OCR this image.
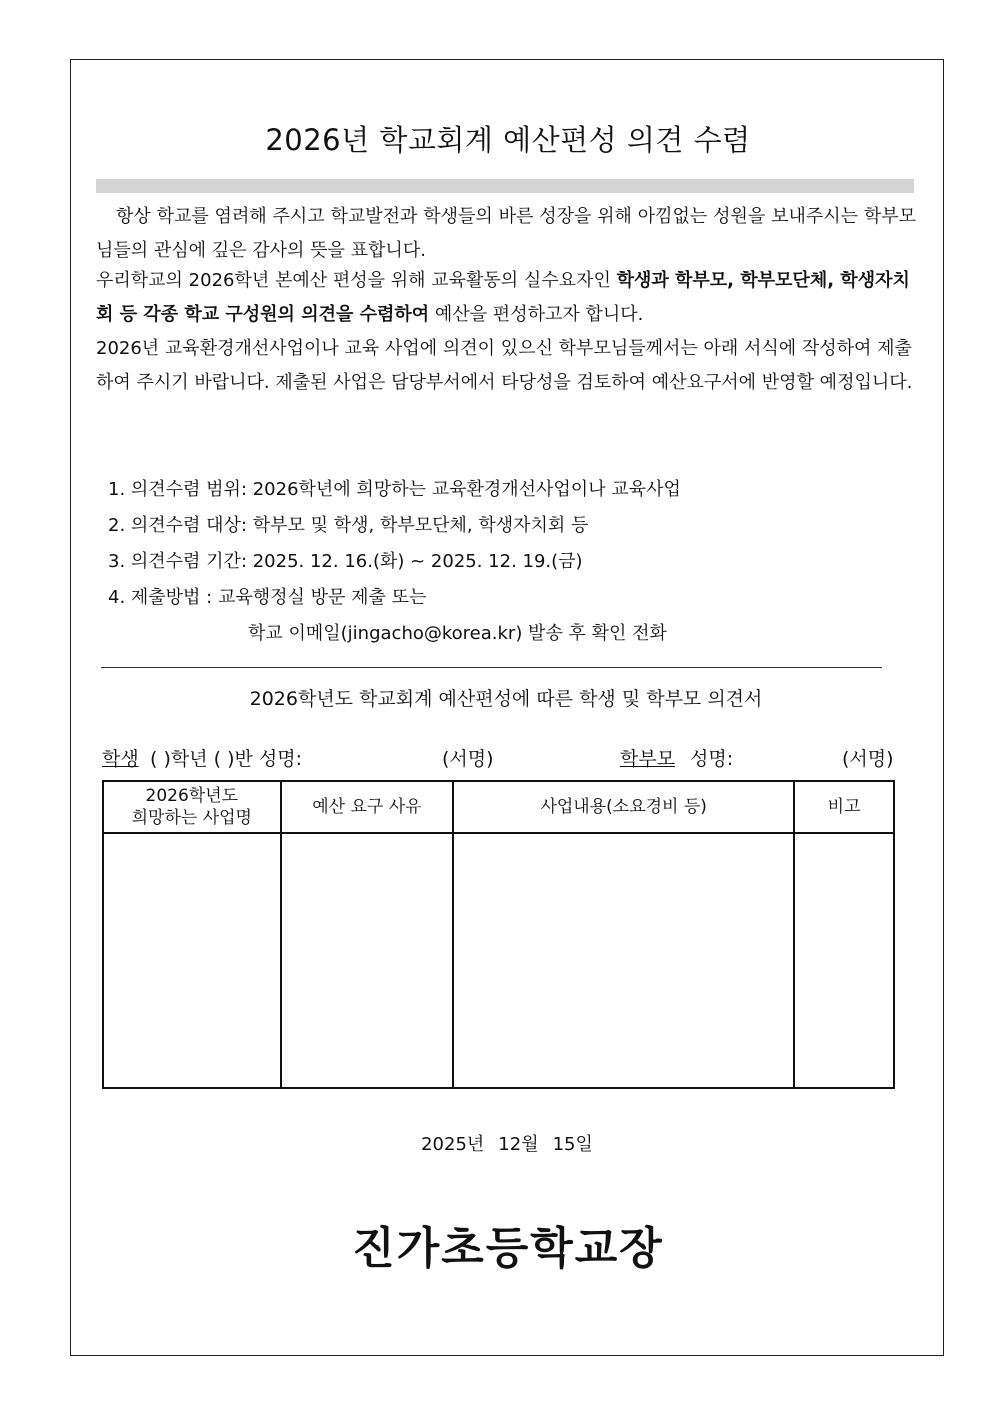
2026년 학교회계 예산편성 의견 수렴
항상 학교를 염려해 주시고 학교발전과 학생들의 바른 성장을 위해 아낌없는 성원을 보내주시는 학부모님들의 관심에 깊은 감사의 뜻을 표합니다.
우리학교의 2026학년 본예산 편성을 위해 교육활동의 실수요자인 학생과 학부모, 학부모단체, 학생자치회 등 각종 학교 구성원의 의견을 수렴하여 예산을 편성하고자 합니다.
2026년 교육환경개선사업이나 교육 사업에 의견이 있으신 학부모님들께서는 아래 서식에 작성하여 제출하여 주시기 바랍니다. 제출된 사업은 담당부서에서 타당성을 검토하여 예산요구서에 반영할 예정입니다.
1. 의견수렴 범위: 2026학년에 희망하는 교육환경개선사업이나 교육사업
2. 의견수렴 대상: 학부모 및 학생, 학부모단체, 학생자치회 등
3. 의견수렴 기간: 2025. 12. 16.(화) ~ 2025. 12. 19.(금)
4. 제출방법 : 교육행정실 방문 제출 또는
학교 이메일(jingacho@korea.kr) 발송 후 확인 전화
2026학년도 학교회계 예산편성에 따른 학생 및 학부모 의견서
학생 ( )학년 ( )반 성명:	(서명)	학부모 성명:	(서명)
2026학년도
희망하는 사업명	예산 요구 사유	사업내용(소요경비 등)	비고

2025년 12월 15일
진가초등학교장
